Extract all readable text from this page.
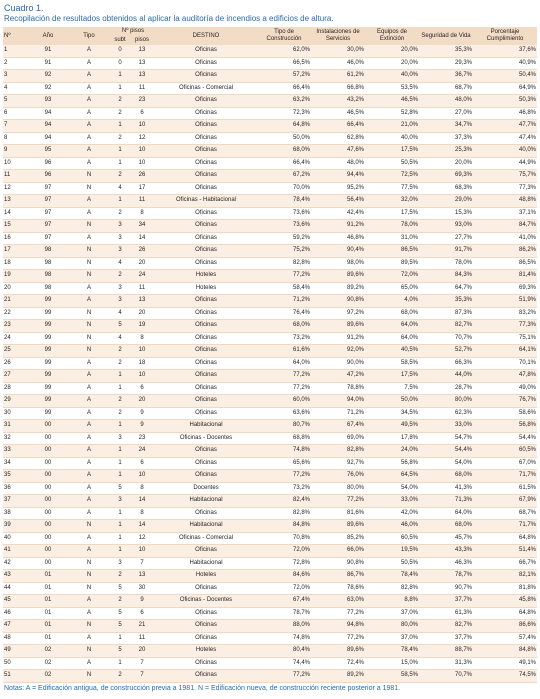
Cuadro 1.
Recopilación de resultados obtenidos al aplicar la auditoría de incendios a edificios de altura.
Nº	Año	Tipo	Nº pisos		DESTINO	Tipo de Construcción	Instalaciones de Servicios	Equipos de Extinción	Seguridad de Vida	Porcentaje Cumplimiento
			subt	pisos						
1	91	A	0	13	Oficinas	62,0%	30,0%	20,0%	35,3%	37,6%
2	91	A	0	13	Oficinas	66,5%	46,0%	20,0%	29,3%	40,9%
3	92	A	1	13	Oficinas	57,2%	61,2%	40,0%	36,7%	50,4%
4	92	A	1	11	Oficinas - Comercial	66,4%	66,8%	53,5%	68,7%	64,9%
5	93	A	2	23	Oficinas	63,2%	43,2%	46,5%	48,0%	50,3%
6	94	A	2	6	Oficinas	72,3%	46,5%	52,8%	27,0%	46,8%
7	94	A	1	10	Oficinas	64,8%	66,4%	21,0%	34,7%	47,7%
8	94	A	2	12	Oficinas	50,0%	62,8%	40,0%	37,3%	47,4%
9	95	A	1	10	Oficinas	68,0%	47,6%	17,5%	25,3%	40,0%
10	96	A	1	10	Oficinas	66,4%	48,0%	50,5%	20,0%	44,9%
11	96	N	2	26	Oficinas	67,2%	94,4%	72,5%	69,3%	75,7%
12	97	N	4	17	Oficinas	70,0%	95,2%	77,5%	68,3%	77,3%
13	97	A	1	11	Oficinas - Habitacional	78,4%	56,4%	32,0%	29,0%	48,8%
14	97	A	2	8	Oficinas	73,6%	42,4%	17,5%	15,3%	37,1%
15	97	N	3	34	Oficinas	73,6%	91,2%	78,0%	93,0%	84,7%
16	97	A	3	14	Oficinas	59,2%	46,8%	31,0%	27,7%	41,0%
17	98	N	3	26	Oficinas	75,2%	90,4%	86,5%	91,7%	86,2%
18	98	N	4	20	Oficinas	82,8%	98,0%	89,5%	78,0%	86,5%
19	98	N	2	24	Hoteles	77,2%	89,6%	72,0%	84,3%	81,4%
20	98	A	3	11	Hoteles	58,4%	89,2%	65,0%	64,7%	69,3%
21	99	A	3	13	Oficinas	71,2%	90,8%	4,0%	35,3%	51,9%
22	99	N	4	20	Oficinas	76,4%	97,2%	68,0%	87,3%	83,2%
23	99	N	5	19	Oficinas	68,0%	89,6%	64,0%	82,7%	77,3%
24	99	N	4	8	Oficinas	73,2%	91,2%	64,0%	70,7%	75,1%
25	99	N	2	10	Oficinas	61,6%	92,0%	40,5%	52,7%	64,1%
26	99	A	2	18	Oficinas	64,0%	90,0%	58,5%	66,3%	70,1%
27	99	A	1	10	Oficinas	77,2%	47,2%	17,5%	44,0%	47,8%
28	99	A	1	6	Oficinas	77,2%	78,8%	7,5%	28,7%	49,0%
29	99	A	2	20	Oficinas	60,0%	94,0%	50,0%	80,0%	76,7%
30	99	A	2	9	Oficinas	63,6%	71,2%	34,5%	62,3%	58,6%
31	00	A	1	9	Habitacional	80,7%	67,4%	49,5%	33,0%	56,8%
32	00	A	3	23	Oficinas - Docentes	68,8%	69,0%	17,8%	54,7%	54,4%
33	00	A	1	24	Oficinas	74,8%	82,8%	24,0%	54,4%	60,5%
34	00	A	1	6	Oficinas	65,6%	92,7%	56,8%	54,0%	67,0%
35	00	A	1	10	Oficinas	77,2%	76,0%	64,5%	68,0%	71,7%
36	00	A	5	8	Docentes	73,2%	80,0%	54,0%	41,3%	61,5%
37	00	A	3	14	Habitacional	82,4%	77,2%	33,0%	71,3%	67,9%
38	00	A	1	8	Oficinas	82,8%	81,6%	42,0%	64,0%	68,7%
39	00	N	1	14	Habitacional	84,8%	89,6%	46,0%	68,0%	71,7%
40	00	A	1	12	Oficinas - Comercial	70,8%	85,2%	60,5%	45,7%	64,8%
41	00	A	1	10	Oficinas	72,0%	66,0%	19,5%	43,3%	51,4%
42	00	N	3	7	Habitacional	72,8%	90,8%	50,5%	46,3%	66,7%
43	01	N	2	13	Hoteles	84,6%	86,7%	78,4%	78,7%	82,1%
44	01	N	5	30	Oficinas	72,0%	78,6%	82,8%	90,7%	81,8%
45	01	A	2	9	Oficinas - Docentes	67,4%	63,0%	8,8%	37,7%	45,8%
46	01	A	5	6	Oficinas	78,7%	77,2%	37,0%	61,3%	64,8%
47	01	N	5	21	Oficinas	88,0%	94,8%	80,0%	82,7%	86,6%
48	01	A	1	11	Oficinas	74,8%	77,2%	37,0%	37,7%	57,4%
49	02	N	5	20	Hoteles	80,4%	89,6%	78,4%	88,7%	84,8%
50	02	A	1	7	Oficinas	74,4%	72,4%	15,0%	31,3%	49,1%
51	02	N	2	7	Oficinas	77,2%	89,2%	58,5%	70,7%	74,5%
Notas: A = Edificación antigua, de construcción previa a 1981. N = Edificación nueva, de construcción reciente posterior a 1981.
